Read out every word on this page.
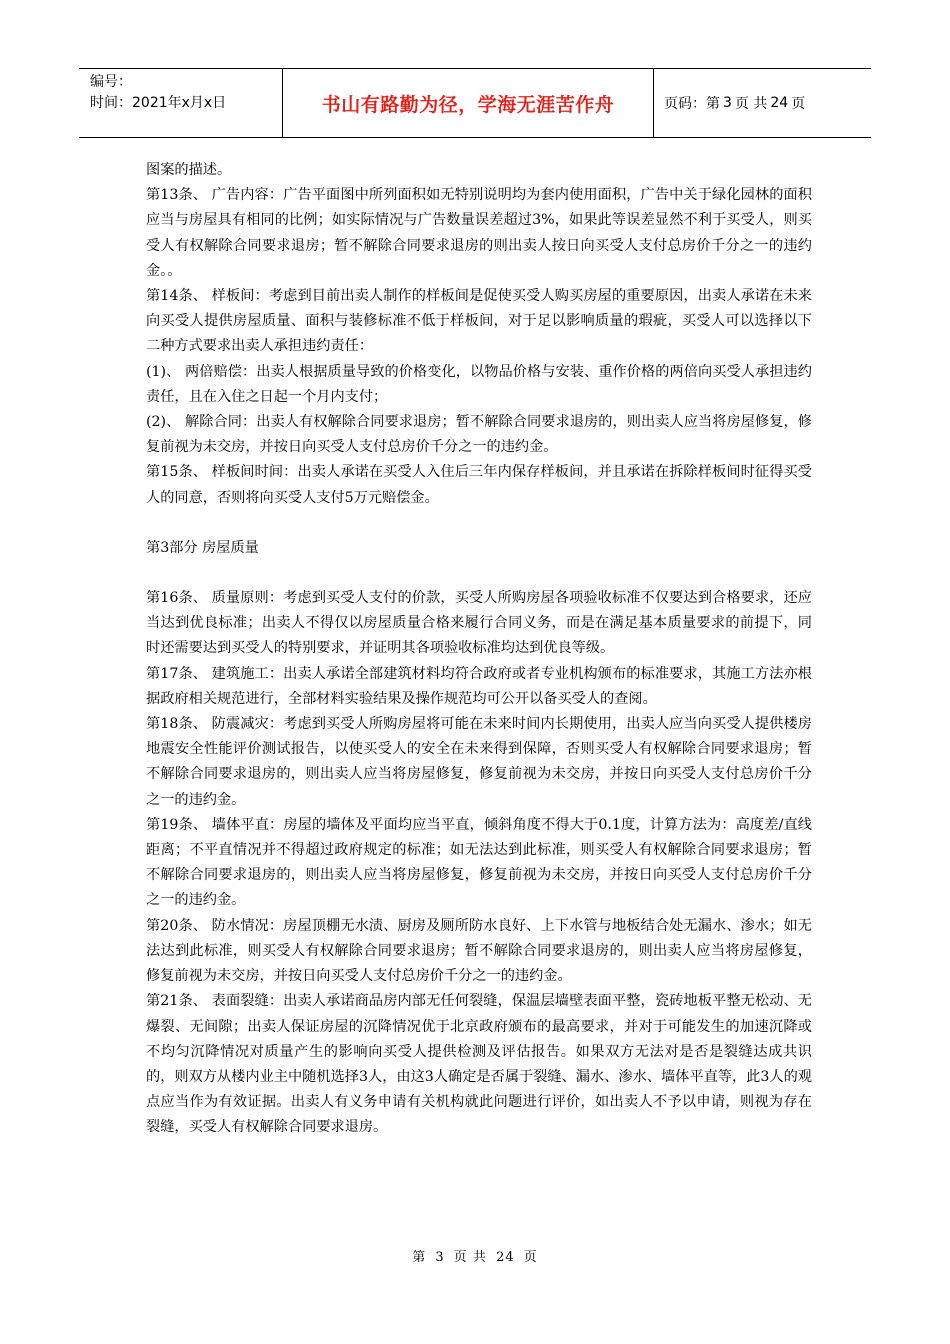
编号：
时间：2021年x月x日	书山有路勤为径，学海无涯苦作舟	页码：第 3 页 共 24 页

图案的描述。

第13条、 广告内容：广告平面图中所列面积如无特别说明均为套内使用面积，广告中关于绿化园林的面积应当与房屋具有相同的比例；如实际情况与广告数量误差超过3%，如果此等误差显然不利于买受人，则买受人有权解除合同要求退房；暂不解除合同要求退房的则出卖人按日向买受人支付总房价千分之一的违约金。。

第14条、 样板间：考虑到目前出卖人制作的样板间是促使买受人购买房屋的重要原因，出卖人承诺在未来向买受人提供房屋质量、面积与装修标准不低于样板间，对于足以影响质量的瑕疵，买受人可以选择以下二种方式要求出卖人承担违约责任：

(1)、 两倍赔偿：出卖人根据质量导致的价格变化，以物品价格与安装、重作价格的两倍向买受人承担违约责任，且在入住之日起一个月内支付；

(2)、 解除合同：出卖人有权解除合同要求退房；暂不解除合同要求退房的，则出卖人应当将房屋修复，修复前视为未交房，并按日向买受人支付总房价千分之一的违约金。

第15条、 样板间时间：出卖人承诺在买受人入住后三年内保存样板间，并且承诺在拆除样板间时征得买受人的同意，否则将向买受人支付5万元赔偿金。

第3部分 房屋质量

第16条、 质量原则：考虑到买受人支付的价款，买受人所购房屋各项验收标准不仅要达到合格要求，还应当达到优良标准；出卖人不得仅以房屋质量合格来履行合同义务，而是在满足基本质量要求的前提下，同时还需要达到买受人的特别要求，并证明其各项验收标准均达到优良等级。

第17条、 建筑施工：出卖人承诺全部建筑材料均符合政府或者专业机构颁布的标准要求，其施工方法亦根据政府相关规范进行，全部材料实验结果及操作规范均可公开以备买受人的查阅。

第18条、 防震减灾：考虑到买受人所购房屋将可能在未来时间内长期使用，出卖人应当向买受人提供楼房地震安全性能评价测试报告，以使买受人的安全在未来得到保障，否则买受人有权解除合同要求退房；暂不解除合同要求退房的，则出卖人应当将房屋修复，修复前视为未交房，并按日向买受人支付总房价千分之一的违约金。

第19条、 墙体平直：房屋的墙体及平面均应当平直，倾斜角度不得大于0.1度，计算方法为：高度差/直线距离；不平直情况并不得超过政府规定的标准；如无法达到此标准，则买受人有权解除合同要求退房；暂不解除合同要求退房的，则出卖人应当将房屋修复，修复前视为未交房，并按日向买受人支付总房价千分之一的违约金。

第20条、 防水情况：房屋顶棚无水渍、厨房及厕所防水良好、上下水管与地板结合处无漏水、渗水；如无法达到此标准，则买受人有权解除合同要求退房；暂不解除合同要求退房的，则出卖人应当将房屋修复，修复前视为未交房，并按日向买受人支付总房价千分之一的违约金。

第21条、 表面裂缝：出卖人承诺商品房内部无任何裂缝，保温层墙壁表面平整，瓷砖地板平整无松动、无爆裂、无间隙；出卖人保证房屋的沉降情况优于北京政府颁布的最高要求，并对于可能发生的加速沉降或不均匀沉降情况对质量产生的影响向买受人提供检测及评估报告。如果双方无法对是否是裂缝达成共识的，则双方从楼内业主中随机选择3人，由这3人确定是否属于裂缝、漏水、渗水、墙体平直等，此3人的观点应当作为有效证据。出卖人有义务申请有关机构就此问题进行评价，如出卖人不予以申请，则视为存在裂缝，买受人有权解除合同要求退房。

第 3 页 共 24 页
